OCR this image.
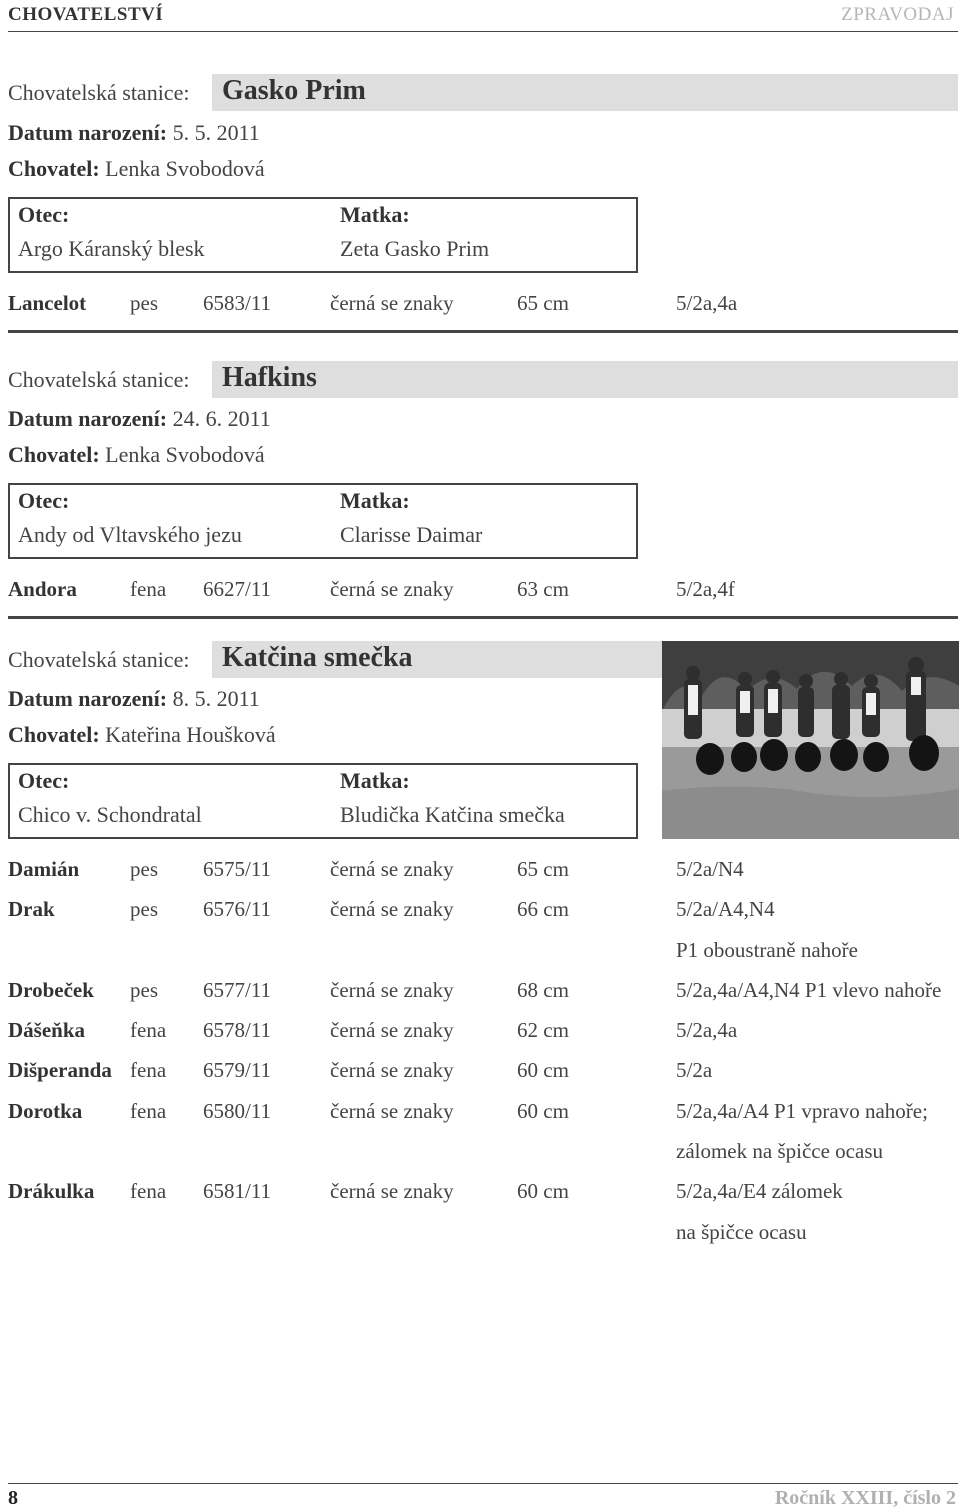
CHOVATELSTVÍ	ZPRAVODAJ
Chovatelská stanice: Gasko Prim
Datum narození: 5. 5. 2011
Chovatel: Lenka Svobodová
Otec:
Argo Káranský blesk
Matka:
Zeta Gasko Prim
Lancelot pes 6583/11	černá se znaky	65 cm	5/2a,4a
Chovatelská stanice: Hafkins
Datum narození: 24. 6. 2011
Chovatel: Lenka Svobodová
Otec:
Andy od Vltavského jezu
Matka:
Clarisse Daimar
Andora	fena 6627/11	černá se znaky	63 cm	5/2a,4f
Chovatelská stanice: Katčina smečka
Datum narození: 8. 5. 2011
Chovatel: Kateřina Houšková
Otec:
Chico v. Schondratal
Matka:
Bludička Katčina smečka
Damián pes 6575/11	černá se znaky	65 cm	5/2a/N4
Drak	pes 6576/11	černá se znaky	66 cm	5/2a/A4,N4
P1 oboustraně nahoře
Drobeček pes 6577/11	černá se znaky	68 cm	5/2a,4a/A4,N4 P1 vlevo nahoře
Dášeňka fena 6578/11	černá se znaky	62 cm	5/2a,4a
Dišperanda fena 6579/11	černá se znaky	60 cm	5/2a
Dorotka fena 6580/11	černá se znaky	60 cm	5/2a,4a/A4 P1 vpravo nahoře;
zálomek na špičce ocasu
Drákulka fena 6581/11	černá se znaky	60 cm	5/2a,4a/E4 zálomek
na špičce ocasu
8	Ročník XXIII, číslo 2
